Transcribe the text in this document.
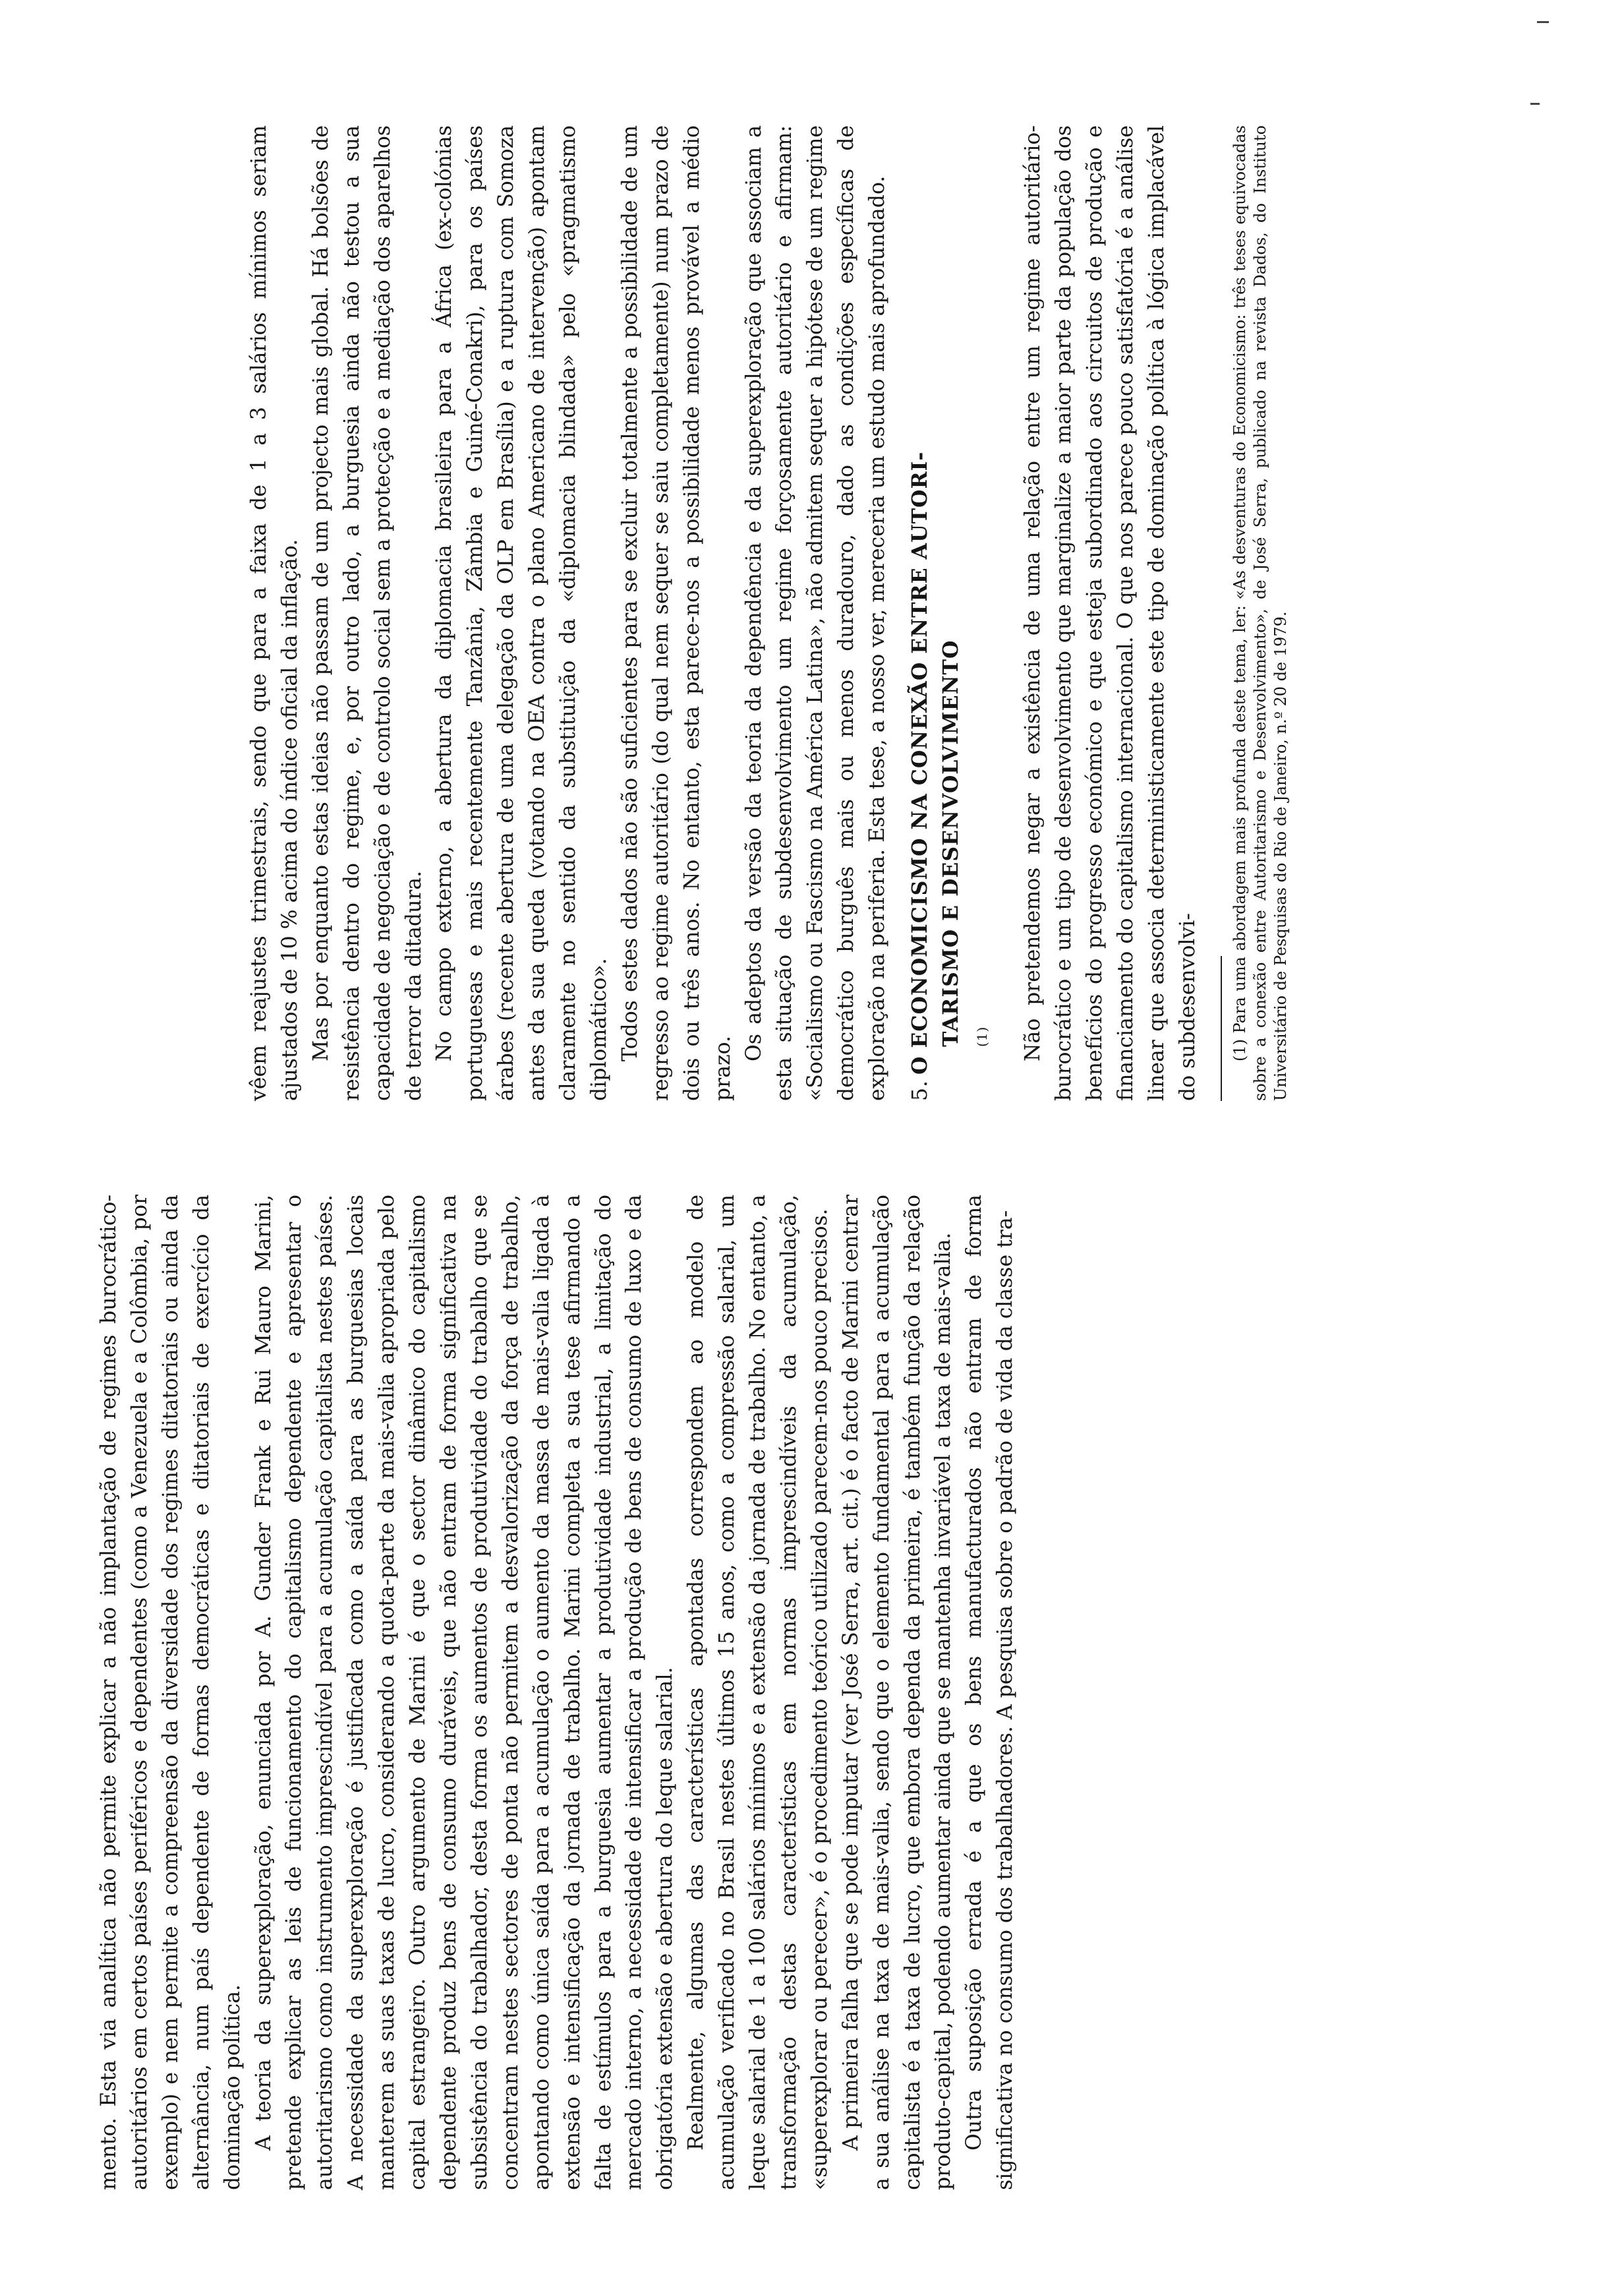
mento. Esta via analítica não permite explicar a não implantação de regimes burocrático-autoritários em certos países periféricos e dependentes (como a Venezuela e a Colômbia, por exemplo) e nem permite a compreensão da diversidade dos regimes ditatoriais ou ainda da alternância, num país dependente de formas democráticas e ditatoriais de exercício da dominação política. A teoria da superexploração, enunciada por A. Gunder Frank e Rui Mauro Marini, pretende explicar as leis de funcionamento do capitalismo dependente e apresentar o autoritarismo como instrumento imprescindível para a acumulação capitalista nestes países. A necessidade da superexploração é justificada como a saída para as burguesias locais manterem as suas taxas de lucro, considerando a quota-parte da mais-valia apropriada pelo capital estrangeiro. Outro argumento de Marini é que o sector dinâmico do capitalismo dependente produz bens de consumo duráveis, que não entram de forma significativa na subsistência do trabalhador, desta forma os aumentos de produtividade do trabalho que se concentram nestes sectores de ponta não permitem a desvalorização da força de trabalho, apontando como única saída para a acumulação o aumento da massa de mais-valia ligada à extensão e intensificação da jornada de trabalho. Marini completa a sua tese afirmando a falta de estímulos para a burguesia aumentar a produtividade industrial, a limitação do mercado interno, a necessidade de intensificar a produção de bens de consumo de luxo e da obrigatória extensão e abertura do leque salarial. Realmente, algumas das características apontadas correspondem ao modelo de acumulação verificado no Brasil nestes últimos 15 anos, como a compressão salarial, um leque salarial de 1 a 100 salários mínimos e a extensão da jornada de trabalho. No entanto, a transformação destas características em normas imprescindíveis da acumulação, «superexplorar ou perecer», é o procedimento teórico utilizado parecem-nos pouco precisos. A primeira falha que se pode imputar (ver José Serra, art. cit.) é o facto de Marini centrar a sua análise na taxa de mais-valia, sendo que o elemento fundamental para a acumulação capitalista é a taxa de lucro, que embora dependa da primeira, é também função da relação produto-capital, podendo aumentar ainda que se mantenha invariável a taxa de mais-valia. Outra suposição errada é a que os bens manufacturados não entram de forma significativa no consumo dos trabalhadores. A pesquisa sobre o padrão de vida da classe tra-

vêem reajustes trimestrais, sendo que para a faixa de 1 a 3 salários mínimos seriam ajustados de 10 % acima do índice oficial da inflação. Mas por enquanto estas ideias não passam de um projecto mais global. Há bolsões de resistência dentro do regime, e, por outro lado, a burguesia ainda não testou a sua capacidade de negociação e de controlo social sem a protecção e a mediação dos aparelhos de terror da ditadura. No campo externo, a abertura da diplomacia brasileira para a África (ex-colónias portuguesas e mais recentemente Tanzânia, Zâmbia e Guiné-Conakri), para os países árabes (recente abertura de uma delegação da OLP em Brasília) e a ruptura com Somoza antes da sua queda (votando na OEA contra o plano Americano de intervenção) apontam claramente no sentido da substituição da «diplomacia blindada» pelo «pragmatismo diplomático». Todos estes dados não são suficientes para se excluir totalmente a possibilidade de um regresso ao regime autoritário (do qual nem sequer se saiu completamente) num prazo de dois ou três anos. No entanto, esta parece-nos a possibilidade menos provável a médio prazo.

Os adeptos da versão da teoria da dependência e da superexploração que associam a esta situação de subdesenvolvimento um regime forçosamente autoritário e afirmam: «Socialismo ou Fascismo na América Latina», não admitem sequer a hipótese de um regime democrático burguês mais ou menos duradouro, dado as condições específicas de exploração na periferia. Esta tese, a nosso ver, mereceria um estudo mais aprofundado. 5.
O ECONOMICISMO NA CONEXÃO ENTRE AUTORI- TARISMO E DESENVOLVIMENTO $^{(1)}$	Não pretendemos negar a existência de uma relação entre um regime autoritário-burocrático e um tipo de desenvolvimento que marginalize a maior parte da população dos benefícios do progresso económico e que esteja subordinado aos circuitos de produção e financiamento do capitalismo internacional. O que nos parece pouco satisfatória é a análise linear que associa deterministicamente este tipo de dominação política à lógica implacável do subdesenvolvi- (1) Para uma abordagem mais profunda deste tema, ler: «As desventuras do Economicismo: três teses equivocadas sobre a conexão entre Autoritarismo e Desenvolvimento», de José Serra, publicado na revista Dados, do Instituto Universitário de Pesquisas do Rio de Janeiro, n.º 20 de 1979.
